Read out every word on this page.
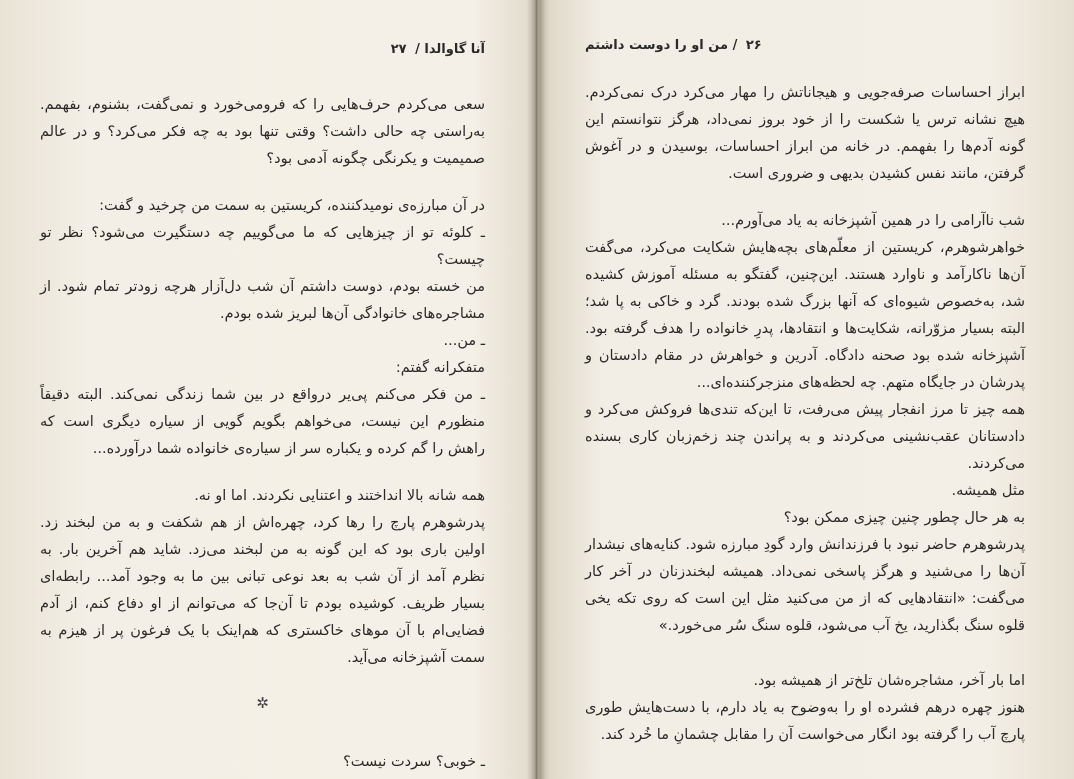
آنا گاوالدا / ۲۷

سعی می‌کردم حرف‌هایی را که فرومی‌خورد و نمی‌گفت، بشنوم، بفهمم. به‌راستی چه حالی داشت؟ وقتی تنها بود به چه فکر می‌کرد؟ و در عالم صمیمیت و یکرنگی چگونه آدمی بود؟

در آن مبارزه‌ی نومیدکننده، کریستین به سمت من چرخید و گفت:

ـ کلوئه تو از چیزهایی که ما می‌گوییم چه دستگیرت می‌شود؟ نظر تو چیست؟

من خسته بودم، دوست داشتم آن شب دل‌آزار هرچه زودتر تمام شود. از مشاجره‌های خانوادگی آن‌ها لبریز شده بودم.

ـ من...

متفکرانه گفتم:

ـ من فکر می‌کنم پی‌یر درواقع در بین شما زندگی نمی‌کند. البته دقیقاً منظورم این نیست، می‌خواهم بگویم گویی از سیاره دیگری است که راهش را گم کرده و یکباره سر از سیاره‌ی خانواده شما درآورده...

همه شانه بالا انداختند و اعتنایی نکردند. اما او نه.

پدرشوهرم پارچ را رها کرد، چهره‌اش از هم شکفت و به من لبخند زد. اولین باری بود که این گونه به من لبخند می‌زد. شاید هم آخرین بار. به نظرم آمد از آن شب به بعد نوعی تبانی بین ما به وجود آمد... رابطه‌ای بسیار ظریف. کوشیده بودم تا آن‌جا که می‌توانم از او دفاع کنم، از آدم فضایی‌ام با آن موهای خاکستری که هم‌اینک با یک فرغون پر از هیزم به سمت آشپزخانه می‌آید.

✲

ـ خوبی؟ سردت نیست؟

۲۶ / من او را دوست داشتم

ابراز احساسات صرفه‌جویی و هیجاناتش را مهار می‌کرد درک نمی‌کردم. هیچ نشانه ترس یا شکست را از خود بروز نمی‌داد، هرگز نتوانستم این گونه آدم‌ها را بفهمم. در خانه من ابراز احساسات، بوسیدن و در آغوش گرفتن، مانند نفس کشیدن بدیهی و ضروری است.

شب ناآرامی را در همین آشپزخانه به یاد می‌آورم...

خواهرشوهرم، کریستین از معلّم‌های بچه‌هایش شکایت می‌کرد، می‌گفت آن‌ها ناکارآمد و ناوارد هستند. این‌چنین، گفتگو به مسئله آموزش کشیده شد، به‌خصوص شیوه‌ای که آنها بزرگ شده بودند. گرد و خاکی به پا شد؛ البته بسیار مزوّرانه، شکایت‌ها و انتقادها، پدرِ خانواده را هدف گرفته بود. آشپزخانه شده بود صحنه دادگاه. آدرین و خواهرش در مقام دادستان و پدرشان در جایگاه متهم. چه لحظه‌های منزجرکننده‌ای...

همه چیز تا مرز انفجار پیش می‌رفت، تا این‌که تندی‌ها فروکش می‌کرد و دادستانان عقب‌نشینی می‌کردند و به پراندن چند زخم‌زبان کاری بسنده می‌کردند.

مثل همیشه.

به هر حال چطور چنین چیزی ممکن بود؟

پدرشوهرم حاضر نبود با فرزندانش وارد گودِ مبارزه شود. کنایه‌های نیشدار آن‌ها را می‌شنید و هرگز پاسخی نمی‌داد. همیشه لبخندزنان در آخر کار می‌گفت: «انتقادهایی که از من می‌کنید مثل این است که روی تکه یخی قلوه سنگ بگذارید، یخ آب می‌شود، قلوه سنگ سُر می‌خورد.»

اما بار آخر، مشاجره‌شان تلخ‌تر از همیشه بود.

هنوز چهره درهم فشرده‌ او را به‌وضوح به یاد دارم، با دست‌هایش طوری پارچ آب را گرفته بود انگار می‌خواست آن را مقابل چشمانِ ما خُرد کند.
